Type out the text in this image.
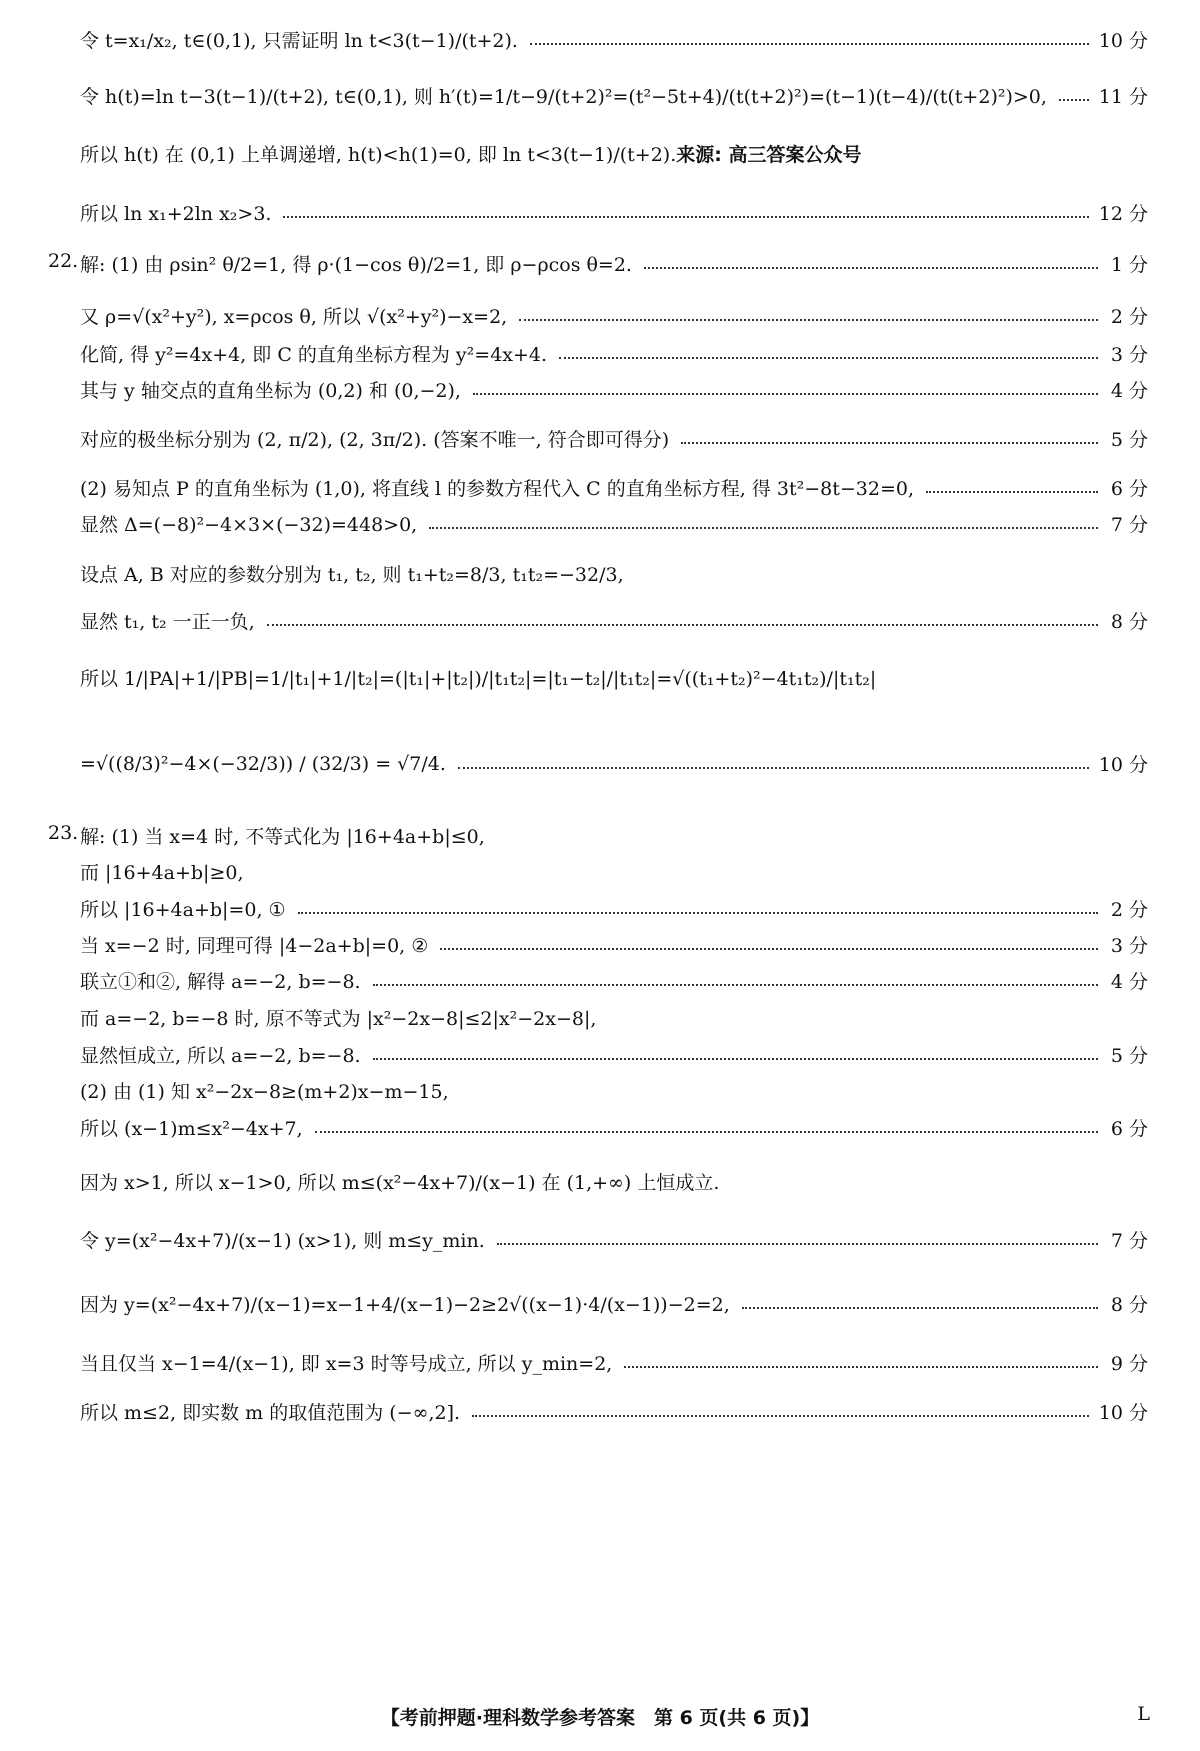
令 t=x₁/x₂, t∈(0,1), 只需证明 ln t<3(t−1)/(t+2).	10 分
令 h(t)=ln t−3(t−1)/(t+2), t∈(0,1), 则 h′(t)=1/t−9/(t+2)²=(t²−5t+4)/(t(t+2)²)=(t−1)(t−4)/(t(t+2)²)>0,	11 分
所以 h(t) 在 (0,1) 上单调递增, h(t)<h(1)=0, 即 ln t<3(t−1)/(t+2). 来源: 高三答案公众号
所以 ln x₁+2ln x₂>3.	12 分
22. 解: (1) 由 ρsin² θ/2=1, 得 ρ·(1−cos θ)/2=1, 即 ρ−ρcos θ=2.	1 分
又 ρ=√(x²+y²), x=ρcos θ, 所以 √(x²+y²)−x=2,	2 分
化简, 得 y²=4x+4, 即 C 的直角坐标方程为 y²=4x+4.	3 分
其与 y 轴交点的直角坐标为 (0,2) 和 (0,−2),	4 分
对应的极坐标分别为 (2, π/2), (2, 3π/2). (答案不唯一, 符合即可得分)	5 分
(2) 易知点 P 的直角坐标为 (1,0), 将直线 l 的参数方程代入 C 的直角坐标方程, 得 3t²−8t−32=0,	6 分
显然 Δ=(−8)²−4×3×(−32)=448>0,	7 分
设点 A, B 对应的参数分别为 t₁, t₂, 则 t₁+t₂=8/3, t₁t₂=−32/3,
显然 t₁, t₂ 一正一负,	8 分
所以 1/|PA|+1/|PB|=1/|t₁|+1/|t₂|=(|t₁|+|t₂|)/|t₁t₂|=|t₁−t₂|/|t₁t₂|=√((t₁+t₂)²−4t₁t₂)/|t₁t₂|
=√((8/3)²−4×(−32/3)) / (32/3) = √7/4.	10 分
23. 解: (1) 当 x=4 时, 不等式化为 |16+4a+b|≤0,
而 |16+4a+b|≥0,
所以 |16+4a+b|=0, ①	2 分
当 x=−2 时, 同理可得 |4−2a+b|=0, ②	3 分
联立①和②, 解得 a=−2, b=−8.	4 分
而 a=−2, b=−8 时, 原不等式为 |x²−2x−8|≤2|x²−2x−8|,
显然恒成立, 所以 a=−2, b=−8.	5 分
(2) 由 (1) 知 x²−2x−8≥(m+2)x−m−15,
所以 (x−1)m≤x²−4x+7,	6 分
因为 x>1, 所以 x−1>0, 所以 m≤(x²−4x+7)/(x−1) 在 (1,+∞) 上恒成立.
令 y=(x²−4x+7)/(x−1) (x>1), 则 m≤y_min.	7 分
因为 y=(x²−4x+7)/(x−1)=x−1+4/(x−1)−2≥2√((x−1)·4/(x−1))−2=2,	8 分
当且仅当 x−1=4/(x−1), 即 x=3 时等号成立, 所以 y_min=2,	9 分
所以 m≤2, 即实数 m 的取值范围为 (−∞,2].	10 分
【考前押题·理科数学参考答案　第 6 页(共 6 页)】	L
